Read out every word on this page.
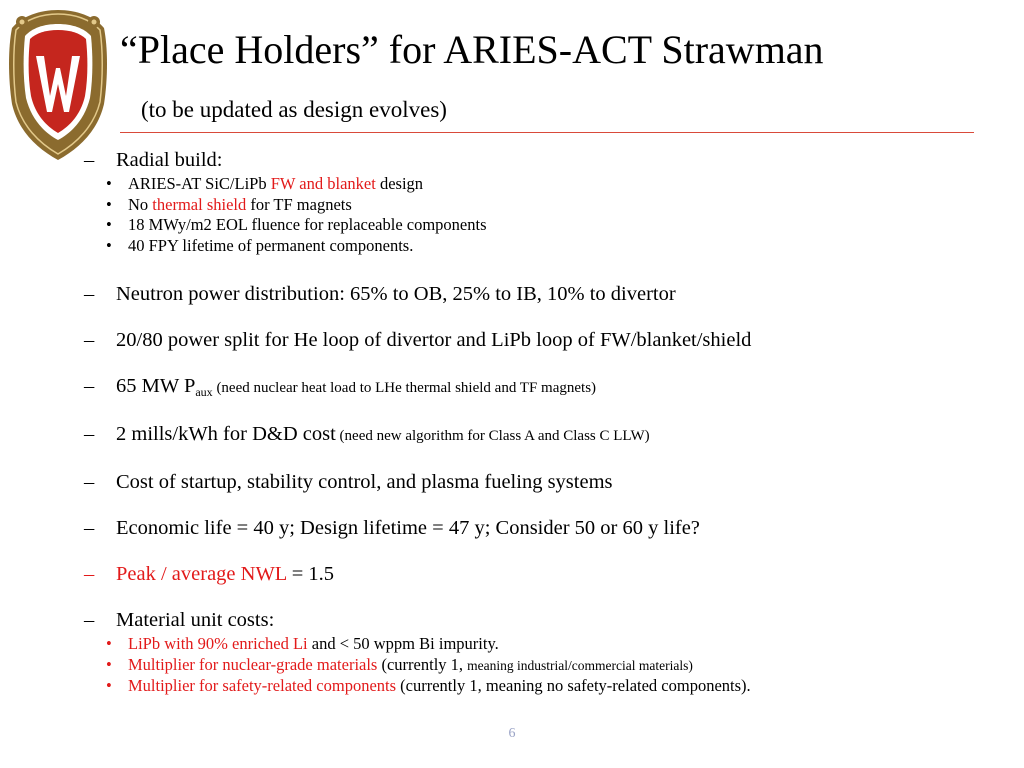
“Place Holders” for ARIES-ACT Strawman

(to be updated as design evolves)

– Radial build:
• ARIES-AT SiC/LiPb FW and blanket design
• No thermal shield for TF magnets
• 18 MWy/m2 EOL fluence for replaceable components
• 40 FPY lifetime of permanent components.
– Neutron power distribution: 65% to OB, 25% to IB, 10% to divertor
– 20/80 power split for He loop of divertor and LiPb loop of FW/blanket/shield
– 65 MW $P_{aux}$ (need nuclear heat load to LHe thermal shield and TF magnets)
– 2 mills/kWh for D&D cost (need new algorithm for Class A and Class C LLW)
– Cost of startup, stability control, and plasma fueling systems
– Economic life = 40 y; Design lifetime = 47 y; Consider 50 or 60 y life?
– Peak / average NWL = 1.5
– Material unit costs:
• LiPb with 90% enriched Li and < 50 wppm Bi impurity.
• Multiplier for nuclear-grade materials (currently 1, meaning industrial/commercial materials)
• Multiplier for safety-related components (currently 1, meaning no safety-related components).
6
